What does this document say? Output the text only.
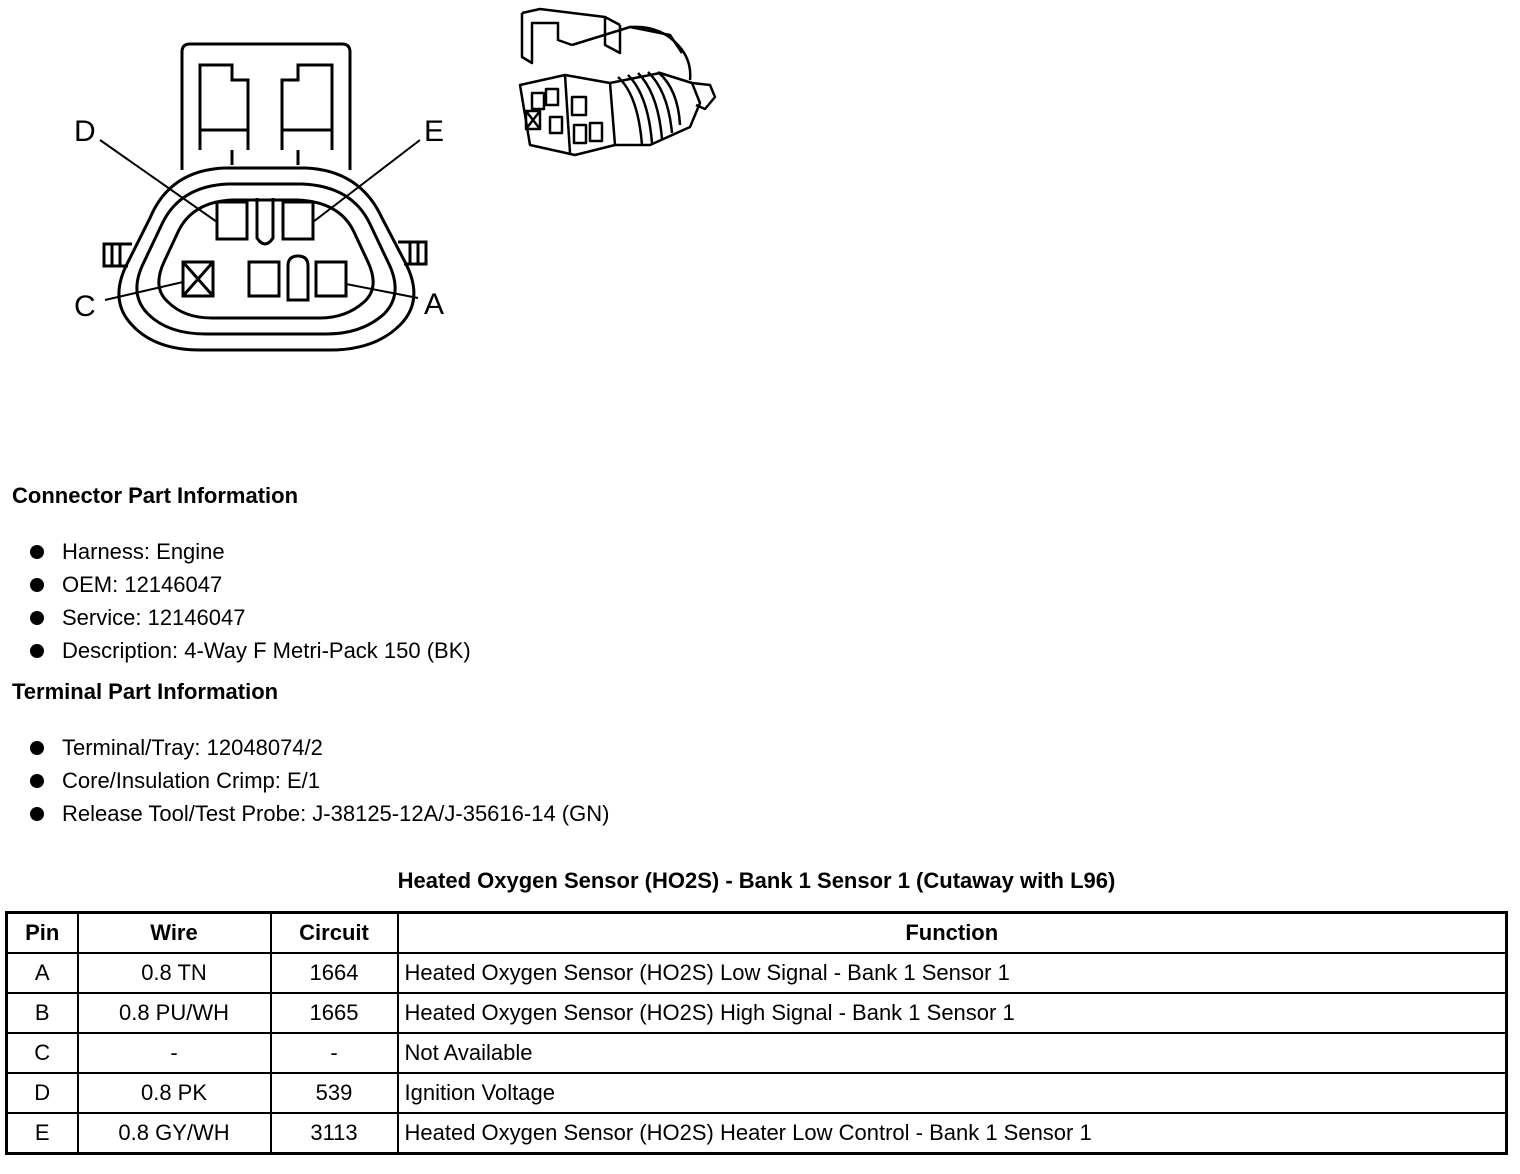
D	E
C	A
Connector Part Information
Harness: Engine
OEM: 12146047
Service: 12146047
Description: 4-Way F Metri-Pack 150 (BK)
Terminal Part Information
Terminal/Tray: 12048074/2
Core/Insulation Crimp: E/1
Release Tool/Test Probe: J-38125-12A/J-35616-14 (GN)
Heated Oxygen Sensor (HO2S) - Bank 1 Sensor 1 (Cutaway with L96)
Pin	Wire	Circuit	Function
A	0.8 TN	1664	Heated Oxygen Sensor (HO2S) Low Signal - Bank 1 Sensor 1
B	0.8 PU/WH	1665	Heated Oxygen Sensor (HO2S) High Signal - Bank 1 Sensor 1
C	-	-	Not Available
D	0.8 PK	539	Ignition Voltage
E	0.8 GY/WH	3113	Heated Oxygen Sensor (HO2S) Heater Low Control - Bank 1 Sensor 1
